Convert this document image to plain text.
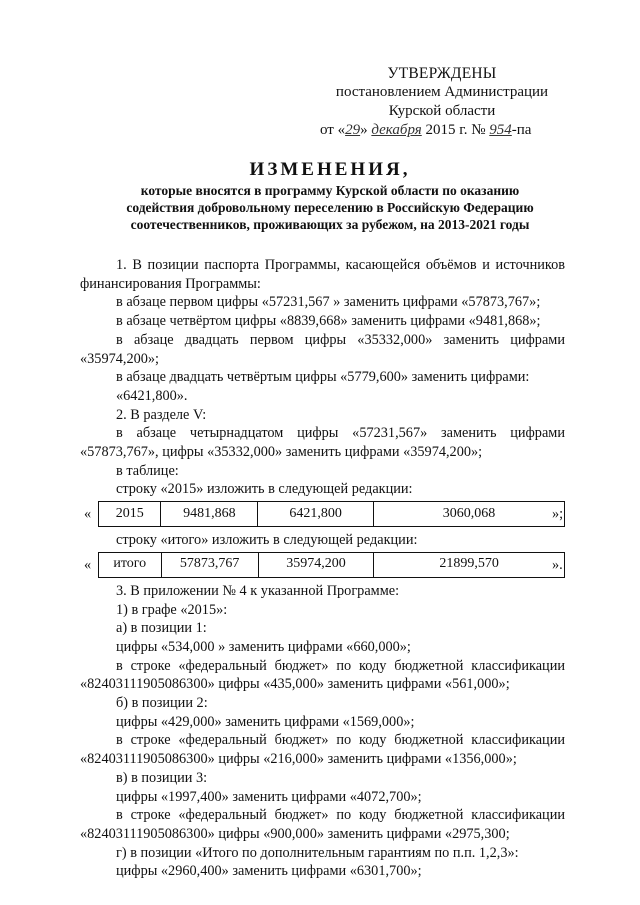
УТВЕРЖДЕНЫ
постановлением Администрации
Курской области
от «29» декабря 2015 г. № 954-па
ИЗМЕНЕНИЯ,
которые вносятся в программу Курской области по оказанию
содействия добровольному переселению в Российскую Федерацию
соотечественников, проживающих за рубежом, на 2013-2021 годы
1. В позиции паспорта Программы, касающейся объёмов и источников финансирования Программы:
в абзаце первом цифры «57231,567 » заменить цифрами «57873,767»;
в абзаце четвёртом цифры «8839,668» заменить цифрами «9481,868»;
в абзаце двадцать первом цифры «35332,000» заменить цифрами «35974,200»;
в абзаце двадцать четвёртым цифры «5779,600» заменить цифрами:
«6421,800».
2. В разделе V:
в абзаце четырнадцатом цифры «57231,567» заменить цифрами «57873,767», цифры «35332,000» заменить цифрами «35974,200»;
в таблице:
строку «2015» изложить в следующей редакции:
« 2015	9481,868	6421,800	3060,068	»;
строку «итого» изложить в следующей редакции:
« итого	57873,767	35974,200	21899,570	».
3. В приложении № 4 к указанной Программе:
1) в графе «2015»:
а) в позиции 1:
цифры «534,000 » заменить цифрами «660,000»;
в строке «федеральный бюджет» по коду бюджетной классификации «82403111905086300» цифры «435,000» заменить цифрами «561,000»;
б) в позиции 2:
цифры «429,000» заменить цифрами «1569,000»;
в строке «федеральный бюджет» по коду бюджетной классификации «82403111905086300» цифры «216,000» заменить цифрами «1356,000»;
в) в позиции 3:
цифры «1997,400» заменить цифрами «4072,700»;
в строке «федеральный бюджет» по коду бюджетной классификации «82403111905086300» цифры «900,000» заменить цифрами «2975,300;
г) в позиции «Итого по дополнительным гарантиям по п.п. 1,2,3»:
цифры «2960,400» заменить цифрами «6301,700»;
